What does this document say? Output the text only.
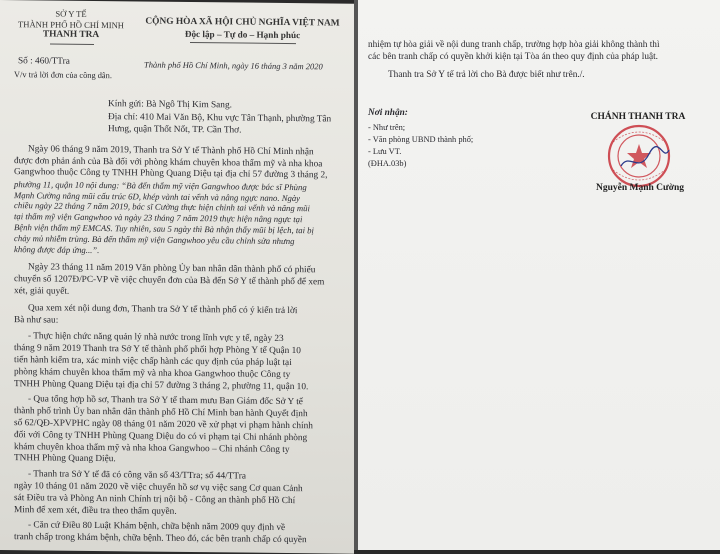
SỞ Y TẾ
THÀNH PHỐ HỒ CHÍ MINH
THANH TRA
Số : 460/TTra
V/v trả lời đơn của công dân.
CỘNG HÒA XÃ HỘI CHỦ NGHĨA VIỆT NAM
Độc lập – Tự do – Hạnh phúc
Thành phố Hồ Chí Minh, ngày 16 tháng 3 năm 2020
Kính gửi: Bà Ngô Thị Kim Sang.
Địa chỉ: 410 Mai Văn Bộ, Khu vực Tân Thạnh, phường Tân
Hưng, quận Thốt Nốt, TP. Cần Thơ.
Ngày 06 tháng 9 năm 2019, Thanh tra Sở Y tế Thành phố Hồ Chí Minh nhận
được đơn phản ánh của Bà đối với phòng khám chuyên khoa thẩm mỹ và nha khoa
Gangwhoo thuộc Công ty TNHH Phùng Quang Diệu tại địa chỉ 57 đường 3 tháng 2,
phường 11, quận 10 nội dung: “Bà đến thẩm mỹ viện Gangwhoo được bác sĩ Phùng
Mạnh Cường nâng mũi cấu trúc 6D, khép vành tai vểnh và nâng ngực nano. Ngày
chiều ngày 22 tháng 7 năm 2019, bác sĩ Cường thực hiện chỉnh tai vểnh và nâng mũi
tại thẩm mỹ viện Gangwhoo và ngày 23 tháng 7 năm 2019 thực hiện nâng ngực tại
Bệnh viện thẩm mỹ EMCAS. Tuy nhiên, sau 5 ngày thì Bà nhận thấy mũi bị lệch, tai bị
chảy mủ nhiễm trùng. Bà đến thẩm mỹ viện Gangwhoo yêu cầu chỉnh sửa nhưng
không được đáp ứng...”.
Ngày 23 tháng 11 năm 2019 Văn phòng Ủy ban nhân dân thành phố có phiếu
chuyển số 1207Đ/PC-VP về việc chuyển đơn của Bà đến Sở Y tế thành phố để xem
xét, giải quyết.
Qua xem xét nội dung đơn, Thanh tra Sở Y tế thành phố có ý kiến trả lời
Bà như sau:
- Thực hiện chức năng quản lý nhà nước trong lĩnh vực y tế, ngày 23
tháng 9 năm 2019 Thanh tra Sở Y tế thành phố phối hợp Phòng Y tế Quận 10
tiến hành kiểm tra, xác minh việc chấp hành các quy định của pháp luật tại
phòng khám chuyên khoa thẩm mỹ và nha khoa Gangwhoo thuộc Công ty
TNHH Phùng Quang Diệu tại địa chỉ 57 đường 3 tháng 2, phường 11, quận 10.
- Qua tổng hợp hồ sơ, Thanh tra Sở Y tế tham mưu Ban Giám đốc Sở Y tế
thành phố trình Ủy ban nhân dân thành phố Hồ Chí Minh ban hành Quyết định
số 62/QĐ-XPVPHC ngày 08 tháng 01 năm 2020 về xử phạt vi phạm hành chính
đối với Công ty TNHH Phùng Quang Diệu do có vi phạm tại Chi nhánh phòng
khám chuyên khoa thẩm mỹ và nha khoa Gangwhoo – Chi nhánh Công ty
TNHH Phùng Quang Diệu.
- Thanh tra Sở Y tế đã có công văn số 43/TTra; số 44/TTra
ngày 10 tháng 01 năm 2020 về việc chuyển hồ sơ vụ việc sang Cơ quan Cảnh
sát Điều tra và Phòng An ninh Chính trị nội bộ - Công an thành phố Hồ Chí
Minh để xem xét, điều tra theo thẩm quyền.
- Căn cứ Điều 80 Luật Khám bệnh, chữa bệnh năm 2009 quy định về
tranh chấp trong khám bệnh, chữa bệnh. Theo đó, các bên tranh chấp có quyền
nhiệm tự hòa giải về nội dung tranh chấp, trường hợp hòa giải không thành thì
các bên tranh chấp có quyền khởi kiện tại Tòa án theo quy định của pháp luật.
Thanh tra Sở Y tế trả lời cho Bà được biết như trên./.
Nơi nhận:
- Như trên;
- Văn phòng UBND thành phố;
- Lưu VT.
(ĐHA.03b)
CHÁNH THANH TRA
Nguyễn Mạnh Cường
